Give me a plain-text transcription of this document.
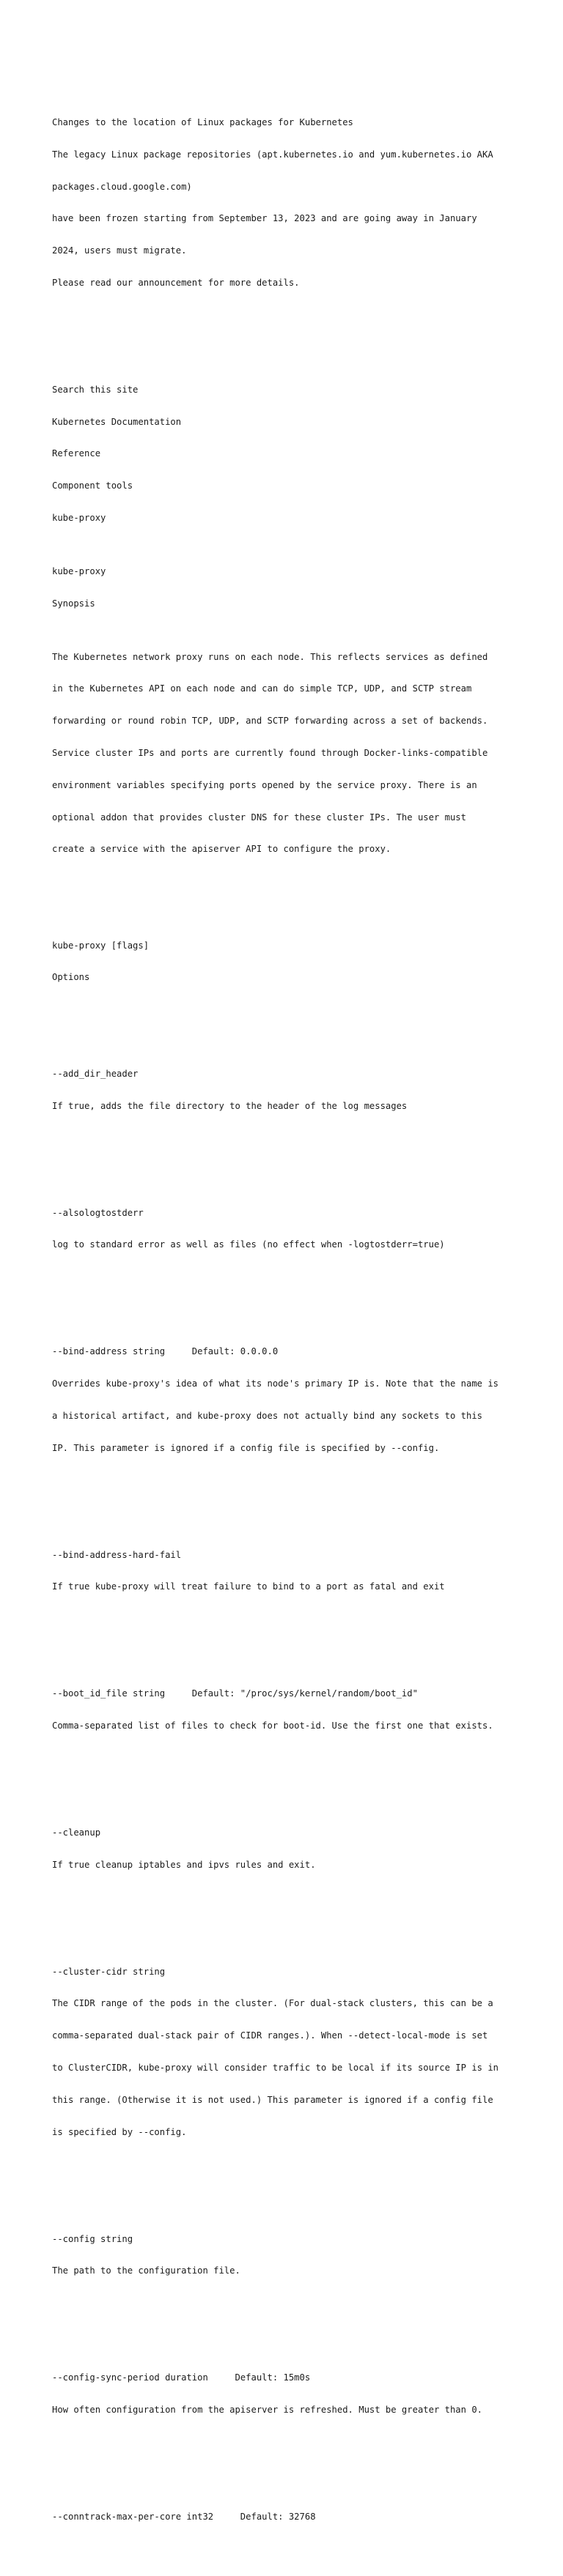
Changes to the location of Linux packages for Kubernetes

The legacy Linux package repositories (apt.kubernetes.io and yum.kubernetes.io AKA

packages.cloud.google.com)

have been frozen starting from September 13, 2023 and are going away in January

2024, users must migrate.

Please read our announcement for more details.

Search this site

Kubernetes Documentation

Reference

Component tools

kube-proxy

kube-proxy

Synopsis

The Kubernetes network proxy runs on each node. This reflects services as defined

in the Kubernetes API on each node and can do simple TCP, UDP, and SCTP stream

forwarding or round robin TCP, UDP, and SCTP forwarding across a set of backends.

Service cluster IPs and ports are currently found through Docker-links-compatible

environment variables specifying ports opened by the service proxy. There is an

optional addon that provides cluster DNS for these cluster IPs. The user must

create a service with the apiserver API to configure the proxy.

kube-proxy [flags]

Options

--add_dir_header

If true, adds the file directory to the header of the log messages

--alsologtostderr

log to standard error as well as files (no effect when -logtostderr=true)

--bind-address string     Default: 0.0.0.0

Overrides kube-proxy's idea of what its node's primary IP is. Note that the name is

a historical artifact, and kube-proxy does not actually bind any sockets to this

IP. This parameter is ignored if a config file is specified by --config.

--bind-address-hard-fail

If true kube-proxy will treat failure to bind to a port as fatal and exit

--boot_id_file string     Default: "/proc/sys/kernel/random/boot_id"

Comma-separated list of files to check for boot-id. Use the first one that exists.

--cleanup

If true cleanup iptables and ipvs rules and exit.

--cluster-cidr string

The CIDR range of the pods in the cluster. (For dual-stack clusters, this can be a

comma-separated dual-stack pair of CIDR ranges.). When --detect-local-mode is set

to ClusterCIDR, kube-proxy will consider traffic to be local if its source IP is in

this range. (Otherwise it is not used.) This parameter is ignored if a config file

is specified by --config.

--config string

The path to the configuration file.

--config-sync-period duration     Default: 15m0s

How often configuration from the apiserver is refreshed. Must be greater than 0.

--conntrack-max-per-core int32     Default: 32768
